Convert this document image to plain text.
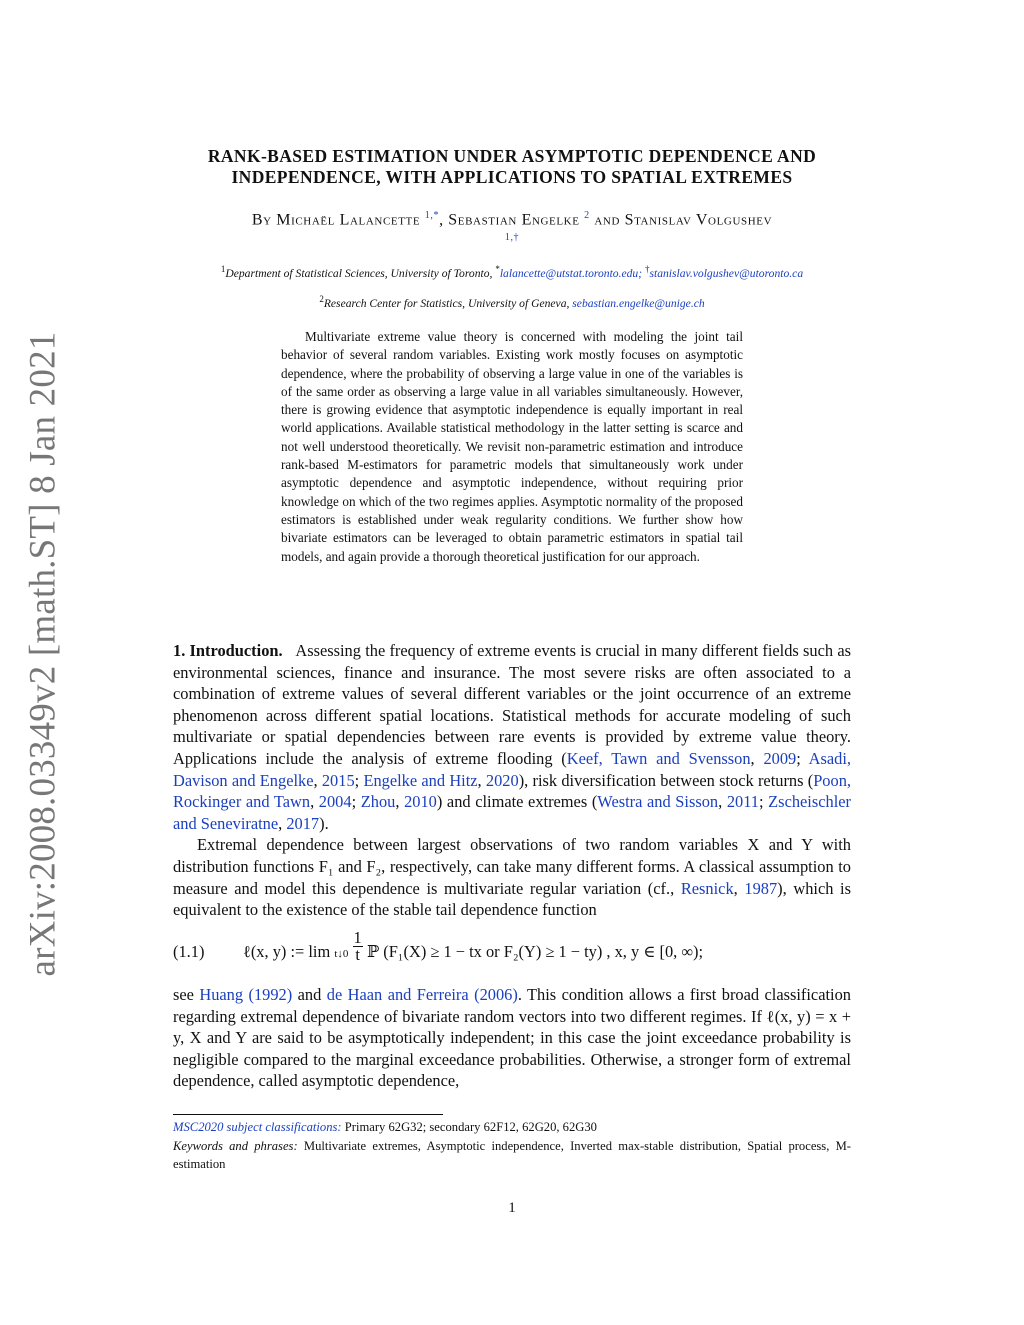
arXiv:2008.03349v2 [math.ST] 8 Jan 2021
RANK-BASED ESTIMATION UNDER ASYMPTOTIC DEPENDENCE AND
INDEPENDENCE, WITH APPLICATIONS TO SPATIAL EXTREMES
By Michaël Lalancette $^{1,*}$, Sebastian Engelke $^2$ and Stanislav Volgushev
1,†
$^1$Department of Statistical Sciences, University of Toronto, *lalancette@utstat.toronto.edu; †stanislav.volgushev@utoronto.ca
$^2$Research Center for Statistics, University of Geneva, sebastian.engelke@unige.ch
Multivariate extreme value theory is concerned with modeling the joint tail behavior of several random variables. Existing work mostly focuses on asymptotic dependence, where the probability of observing a large value in one of the variables is of the same order as observing a large value in all variables simultaneously. However, there is growing evidence that asymptotic independence is equally important in real world applications. Available statistical methodology in the latter setting is scarce and not well understood theoretically. We revisit non-parametric estimation and introduce rank-based M-estimators for parametric models that simultaneously work under asymptotic dependence and asymptotic independence, without requiring prior knowledge on which of the two regimes applies. Asymptotic normality of the proposed estimators is established under weak regularity conditions. We further show how bivariate estimators can be leveraged to obtain parametric estimators in spatial tail models, and again provide a thorough theoretical justification for our approach.

1. Introduction. Assessing the frequency of extreme events is crucial in many different fields such as environmental sciences, finance and insurance. The most severe risks are often associated to a combination of extreme values of several different variables or the joint occurrence of an extreme phenomenon across different spatial locations. Statistical methods for accurate modeling of such multivariate or spatial dependencies between rare events is provided by extreme value theory. Applications include the analysis of extreme flooding (Keef, Tawn and Svensson, 2009; Asadi, Davison and Engelke, 2015; Engelke and Hitz, 2020), risk diversification between stock returns (Poon, Rockinger and Tawn, 2004; Zhou, 2010) and climate extremes (Westra and Sisson, 2011; Zscheischler and Seneviratne, 2017).

Extremal dependence between largest observations of two random variables X and Y with distribution functions F₁ and F₂, respectively, can take many different forms. A classical assumption to measure and model this dependence is multivariate regular variation (cf., Resnick, 1987), which is equivalent to the existence of the stable tail dependence function

(1.1) ℓ(x, y) := lim t↓0
$\frac{1}{t}$ ℙ (F₁(X) ≥ 1 − tx or F₂(Y) ≥ 1 − ty) , x, y ∈ [0, ∞);

see Huang (1992) and de Haan and Ferreira (2006). This condition allows a first broad classification regarding extremal dependence of bivariate random vectors into two different regimes. If ℓ(x, y) = x + y, X and Y are said to be asymptotically independent; in this case the joint exceedance probability is negligible compared to the marginal exceedance probabilities. Otherwise, a stronger form of extremal dependence, called asymptotic dependence,

MSC2020 subject classifications: Primary 62G32; secondary 62F12, 62G20, 62G30
Keywords and phrases: Multivariate extremes, Asymptotic independence, Inverted max-stable distribution, Spatial process, M-estimation
1
